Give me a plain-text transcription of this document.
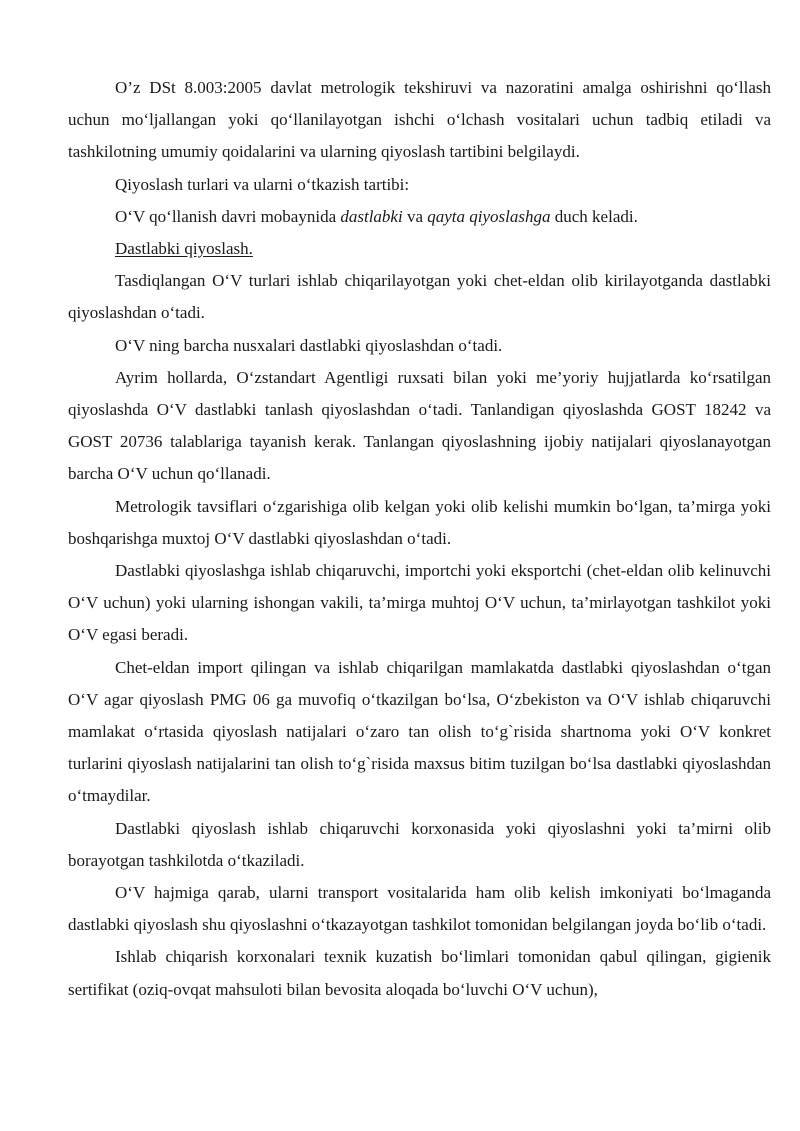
O’z DSt 8.003:2005 davlat metrologik tekshiruvi va nazoratini amalga oshirishni qo‘llash uchun mo‘ljallangan yoki qo‘llanilayotgan ishchi o‘lchash vositalari uchun tadbiq etiladi va tashkilotning umumiy qoidalarini va ularning qiyoslash tartibini belgilaydi.

Qiyoslash turlari va ularni o‘tkazish tartibi:

O‘V qo‘llanish davri mobaynida dastlabki va qayta qiyoslashga duch keladi.

Dastlabki qiyoslash.

Tasdiqlangan O‘V turlari ishlab chiqarilayotgan yoki chet-eldan olib kirilayotganda dastlabki qiyoslashdan o‘tadi.

O‘V ning barcha nusxalari dastlabki qiyoslashdan o‘tadi.

Ayrim hollarda, O‘zstandart Agentligi ruxsati bilan yoki me’yoriy hujjatlarda ko‘rsatilgan qiyoslashda O‘V dastlabki tanlash qiyoslashdan o‘tadi. Tanlandigan qiyoslashda GOST 18242 va GOST 20736 talablariga tayanish kerak. Tanlangan qiyoslashning ijobiy natijalari qiyoslanayotgan barcha O‘V uchun qo‘llanadi.

Metrologik tavsiflari o‘zgarishiga olib kelgan yoki olib kelishi mumkin bo‘lgan, ta’mirga yoki boshqarishga muxtoj O‘V dastlabki qiyoslashdan o‘tadi.

Dastlabki qiyoslashga ishlab chiqaruvchi, importchi yoki eksportchi (chet-eldan olib kelinuvchi O‘V uchun) yoki ularning ishongan vakili, ta’mirga muhtoj O‘V uchun, ta’mirlayotgan tashkilot yoki O‘V egasi beradi.

Chet-eldan import qilingan va ishlab chiqarilgan mamlakatda dastlabki qiyoslashdan o‘tgan O‘V agar qiyoslash PMG 06 ga muvofiq o‘tkazilgan bo‘lsa, O‘zbekiston va O‘V ishlab chiqaruvchi mamlakat o‘rtasida qiyoslash natijalari o‘zaro tan olish to‘g`risida shartnoma yoki O‘V konkret turlarini qiyoslash natijalarini tan olish to‘g`risida maxsus bitim tuzilgan bo‘lsa dastlabki qiyoslashdan o‘tmaydilar.

Dastlabki qiyoslash ishlab chiqaruvchi korxonasida yoki qiyoslashni yoki ta’mirni olib borayotgan tashkilotda o‘tkaziladi.

O‘V hajmiga qarab, ularni transport vositalarida ham olib kelish imkoniyati bo‘lmaganda dastlabki qiyoslash shu qiyoslashni o‘tkazayotgan tashkilot tomonidan belgilangan joyda bo‘lib o‘tadi.

Ishlab chiqarish korxonalari texnik kuzatish bo‘limlari tomonidan qabul qilingan, gigienik sertifikat (oziq-ovqat mahsuloti bilan bevosita aloqada bo‘luvchi O‘V uchun),
